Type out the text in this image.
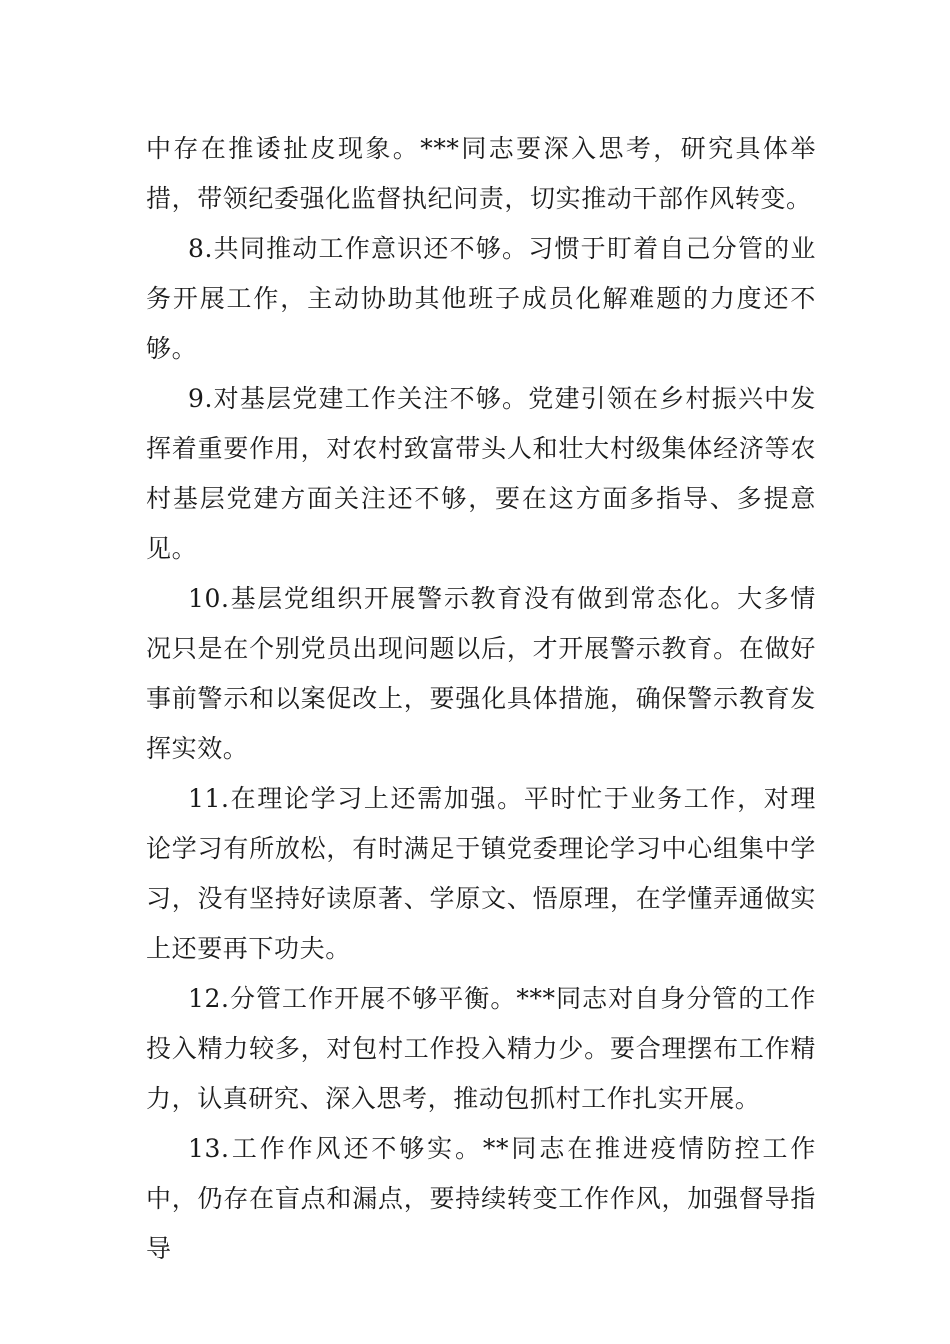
中存在推诿扯皮现象。***同志要深入思考，研究具体举措，带领纪委强化监督执纪问责，切实推动干部作风转变。

8.共同推动工作意识还不够。习惯于盯着自己分管的业务开展工作，主动协助其他班子成员化解难题的力度还不够。

9.对基层党建工作关注不够。党建引领在乡村振兴中发挥着重要作用，对农村致富带头人和壮大村级集体经济等农村基层党建方面关注还不够，要在这方面多指导、多提意见。

10.基层党组织开展警示教育没有做到常态化。大多情况只是在个别党员出现问题以后，才开展警示教育。在做好事前警示和以案促改上，要强化具体措施，确保警示教育发挥实效。

11.在理论学习上还需加强。平时忙于业务工作，对理论学习有所放松，有时满足于镇党委理论学习中心组集中学习，没有坚持好读原著、学原文、悟原理，在学懂弄通做实上还要再下功夫。

12.分管工作开展不够平衡。***同志对自身分管的工作投入精力较多，对包村工作投入精力少。要合理摆布工作精力，认真研究、深入思考，推动包抓村工作扎实开展。

13.工作作风还不够实。**同志在推进疫情防控工作中，仍存在盲点和漏点，要持续转变工作作风，加强督导指导
